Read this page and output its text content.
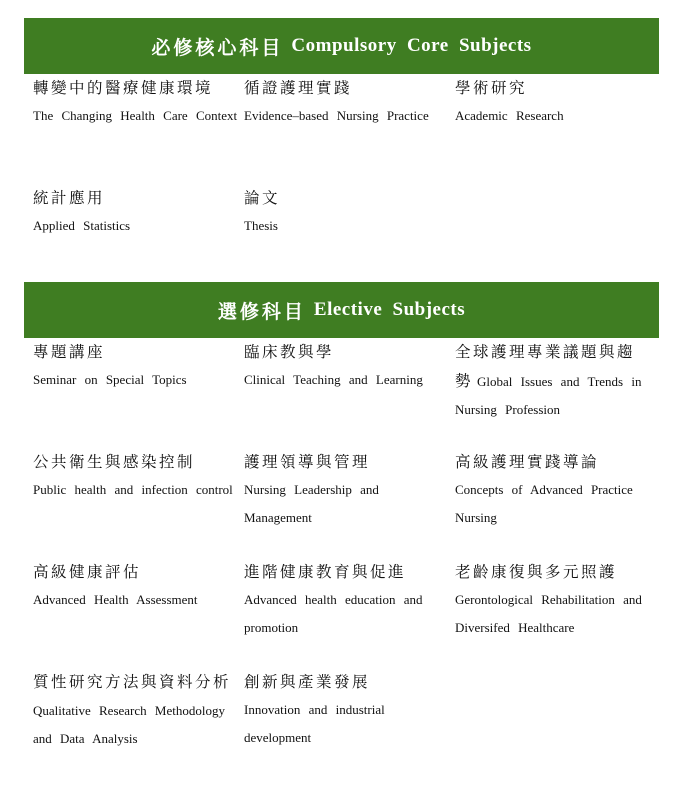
必修核心科目 Compulsory Core Subjects
轉變中的醫療健康環境
The Changing Health Care Context
循證護理實踐
Evidence–based Nursing Practice
學術研究
Academic Research
統計應用
Applied Statistics
論文
Thesis
選修科目 Elective Subjects
專題講座
Seminar on Special Topics
臨床教與學
Clinical Teaching and Learning

全球護理專業議題與趨勢 Global Issues and Trends in Nursing Profession

公共衛生與感染控制
Public health and infection control
護理領導與管理
Nursing Leadership and Management
高級護理實踐導論
Concepts of Advanced Practice Nursing
高級健康評估
Advanced Health Assessment
進階健康教育與促進
Advanced health education and promotion
老齡康復與多元照護
Gerontological Rehabilitation and Diversifed Healthcare

質性研究方法與資料分析 Qualitative Research Methodology and Data Analysis

創新與產業發展
Innovation and industrial development
